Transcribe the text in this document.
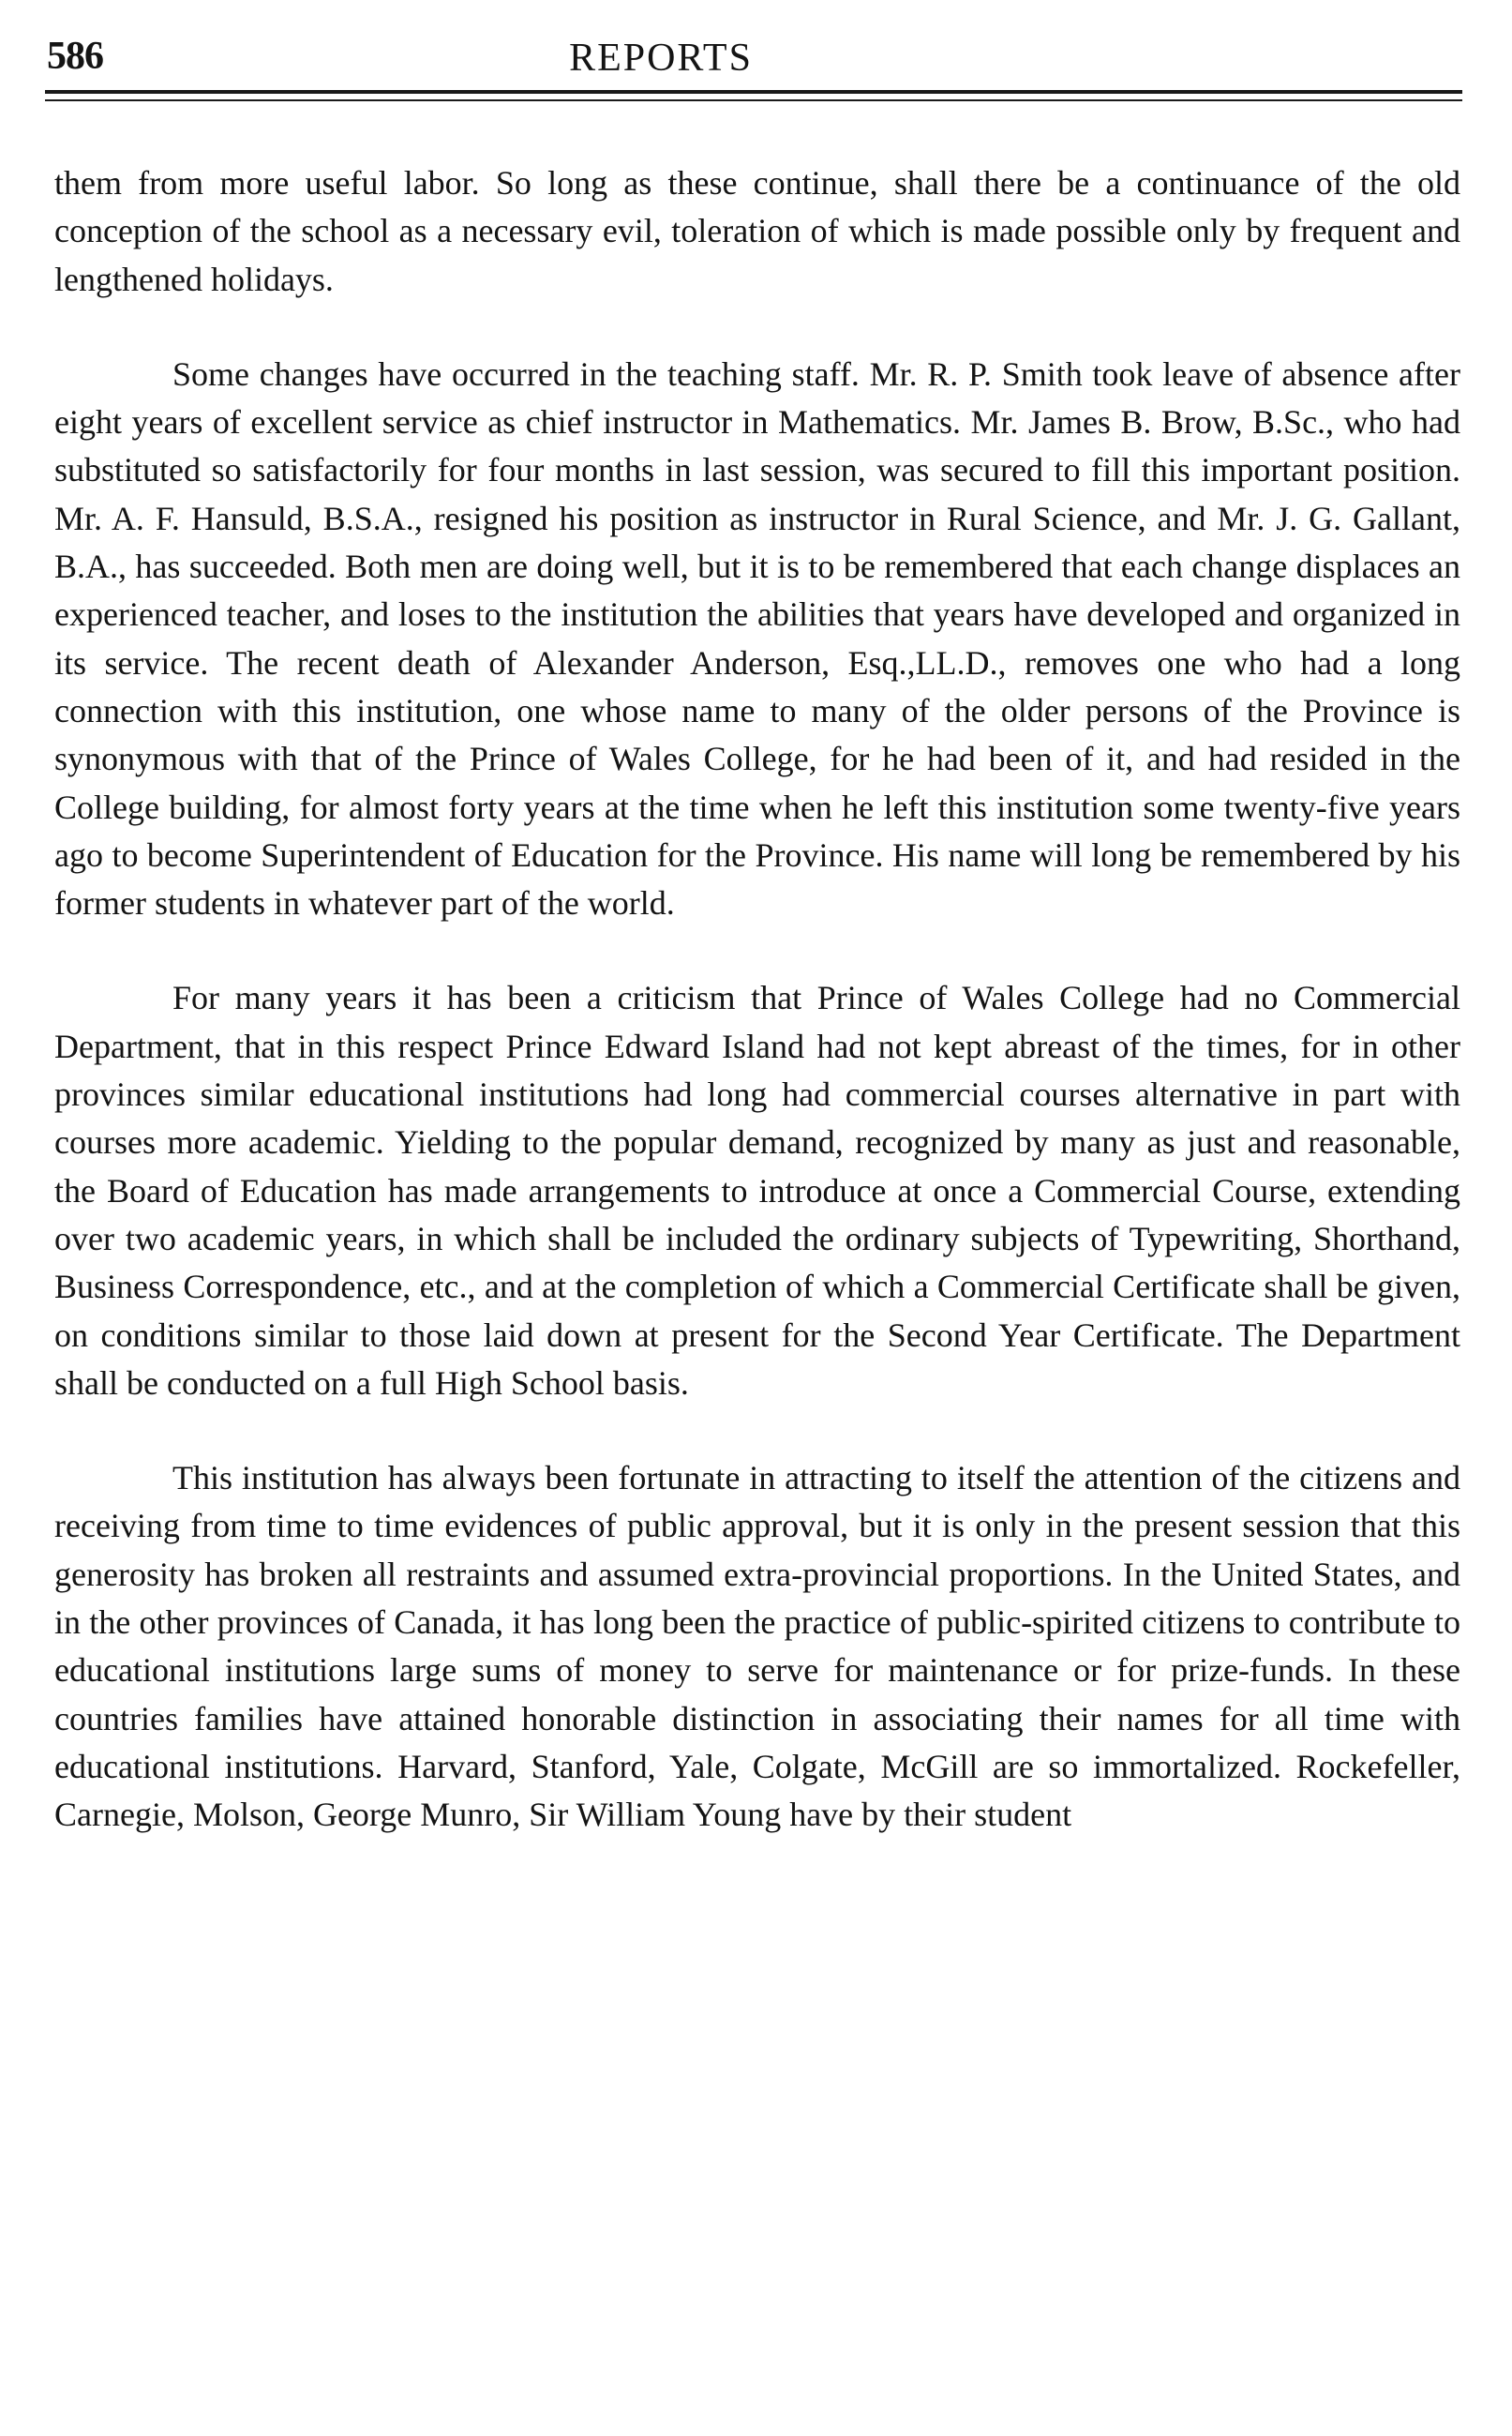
586	REPORTS

them from more useful labor. So long as these continue, shall there be a continuance of the old conception of the school as a necessary evil, toleration of which is made possible only by frequent and lengthened holidays.

Some changes have occurred in the teaching staff. Mr. R. P. Smith took leave of absence after eight years of excellent service as chief instructor in Mathematics. Mr. James B. Brow, B.Sc., who had substituted so satisfactorily for four months in last session, was secured to fill this important position. Mr. A. F. Hansuld, B.S.A., resigned his position as instructor in Rural Science, and Mr. J. G. Gallant, B.A., has succeeded. Both men are doing well, but it is to be remembered that each change displaces an experienced teacher, and loses to the institution the abilities that years have developed and organized in its service. The recent death of Alexander Anderson, Esq.,LL.D., removes one who had a long connection with this institution, one whose name to many of the older persons of the Province is synonymous with that of the Prince of Wales College, for he had been of it, and had resided in the College building, for almost forty years at the time when he left this institution some twenty-five years ago to become Superintendent of Education for the Province. His name will long be remembered by his former students in whatever part of the world.

For many years it has been a criticism that Prince of Wales College had no Commercial Department, that in this respect Prince Edward Island had not kept abreast of the times, for in other provinces similar educational institutions had long had commercial courses alternative in part with courses more academic. Yielding to the popular demand, recognized by many as just and reasonable, the Board of Education has made arrangements to introduce at once a Commercial Course, extending over two academic years, in which shall be included the ordinary subjects of Typewriting, Shorthand, Business Correspondence, etc., and at the completion of which a Commercial Certificate shall be given, on conditions similar to those laid down at present for the Second Year Certificate. The Department shall be conducted on a full High School basis.

This institution has always been fortunate in attracting to itself the attention of the citizens and receiving from time to time evidences of public approval, but it is only in the present session that this generosity has broken all restraints and assumed extra-provincial proportions. In the United States, and in the other provinces of Canada, it has long been the practice of public-spirited citizens to contribute to educational institutions large sums of money to serve for maintenance or for prize-funds. In these countries families have attained honorable distinction in associating their names for all time with educational institutions. Harvard, Stanford, Yale, Colgate, McGill are so immortalized. Rockefeller, Carnegie, Molson, George Munro, Sir William Young have by their student
